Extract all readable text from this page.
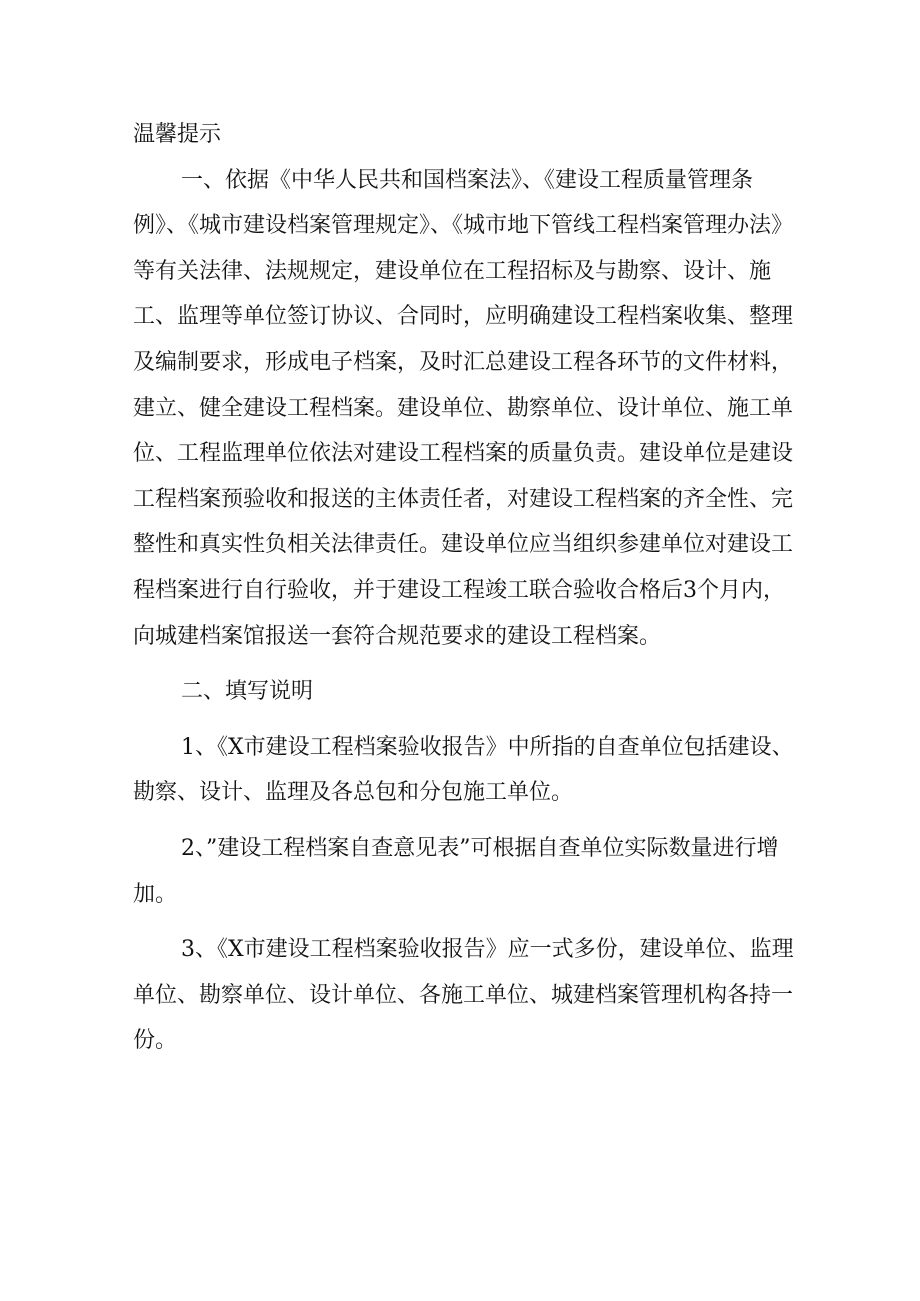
温馨提示

一、依据《中华人民共和国档案法》、《建设工程质量管理条例》、《城市建设档案管理规定》、《城市地下管线工程档案管理办法》等有关法律、法规规定，建设单位在工程招标及与勘察、设计、施工、监理等单位签订协议、合同时，应明确建设工程档案收集、整理及编制要求，形成电子档案，及时汇总建设工程各环节的文件材料，建立、健全建设工程档案。建设单位、勘察单位、设计单位、施工单位、工程监理单位依法对建设工程档案的质量负责。建设单位是建设工程档案预验收和报送的主体责任者，对建设工程档案的齐全性、完整性和真实性负相关法律责任。建设单位应当组织参建单位对建设工程档案进行自行验收，并于建设工程竣工联合验收合格后3个月内，向城建档案馆报送一套符合规范要求的建设工程档案。

二、填写说明

1、《X市建设工程档案验收报告》中所指的自查单位包括建设、勘察、设计、监理及各总包和分包施工单位。

2、”建设工程档案自查意见表”可根据自查单位实际数量进行增加。

3、《X市建设工程档案验收报告》应一式多份，建设单位、监理单位、勘察单位、设计单位、各施工单位、城建档案管理机构各持一份。
